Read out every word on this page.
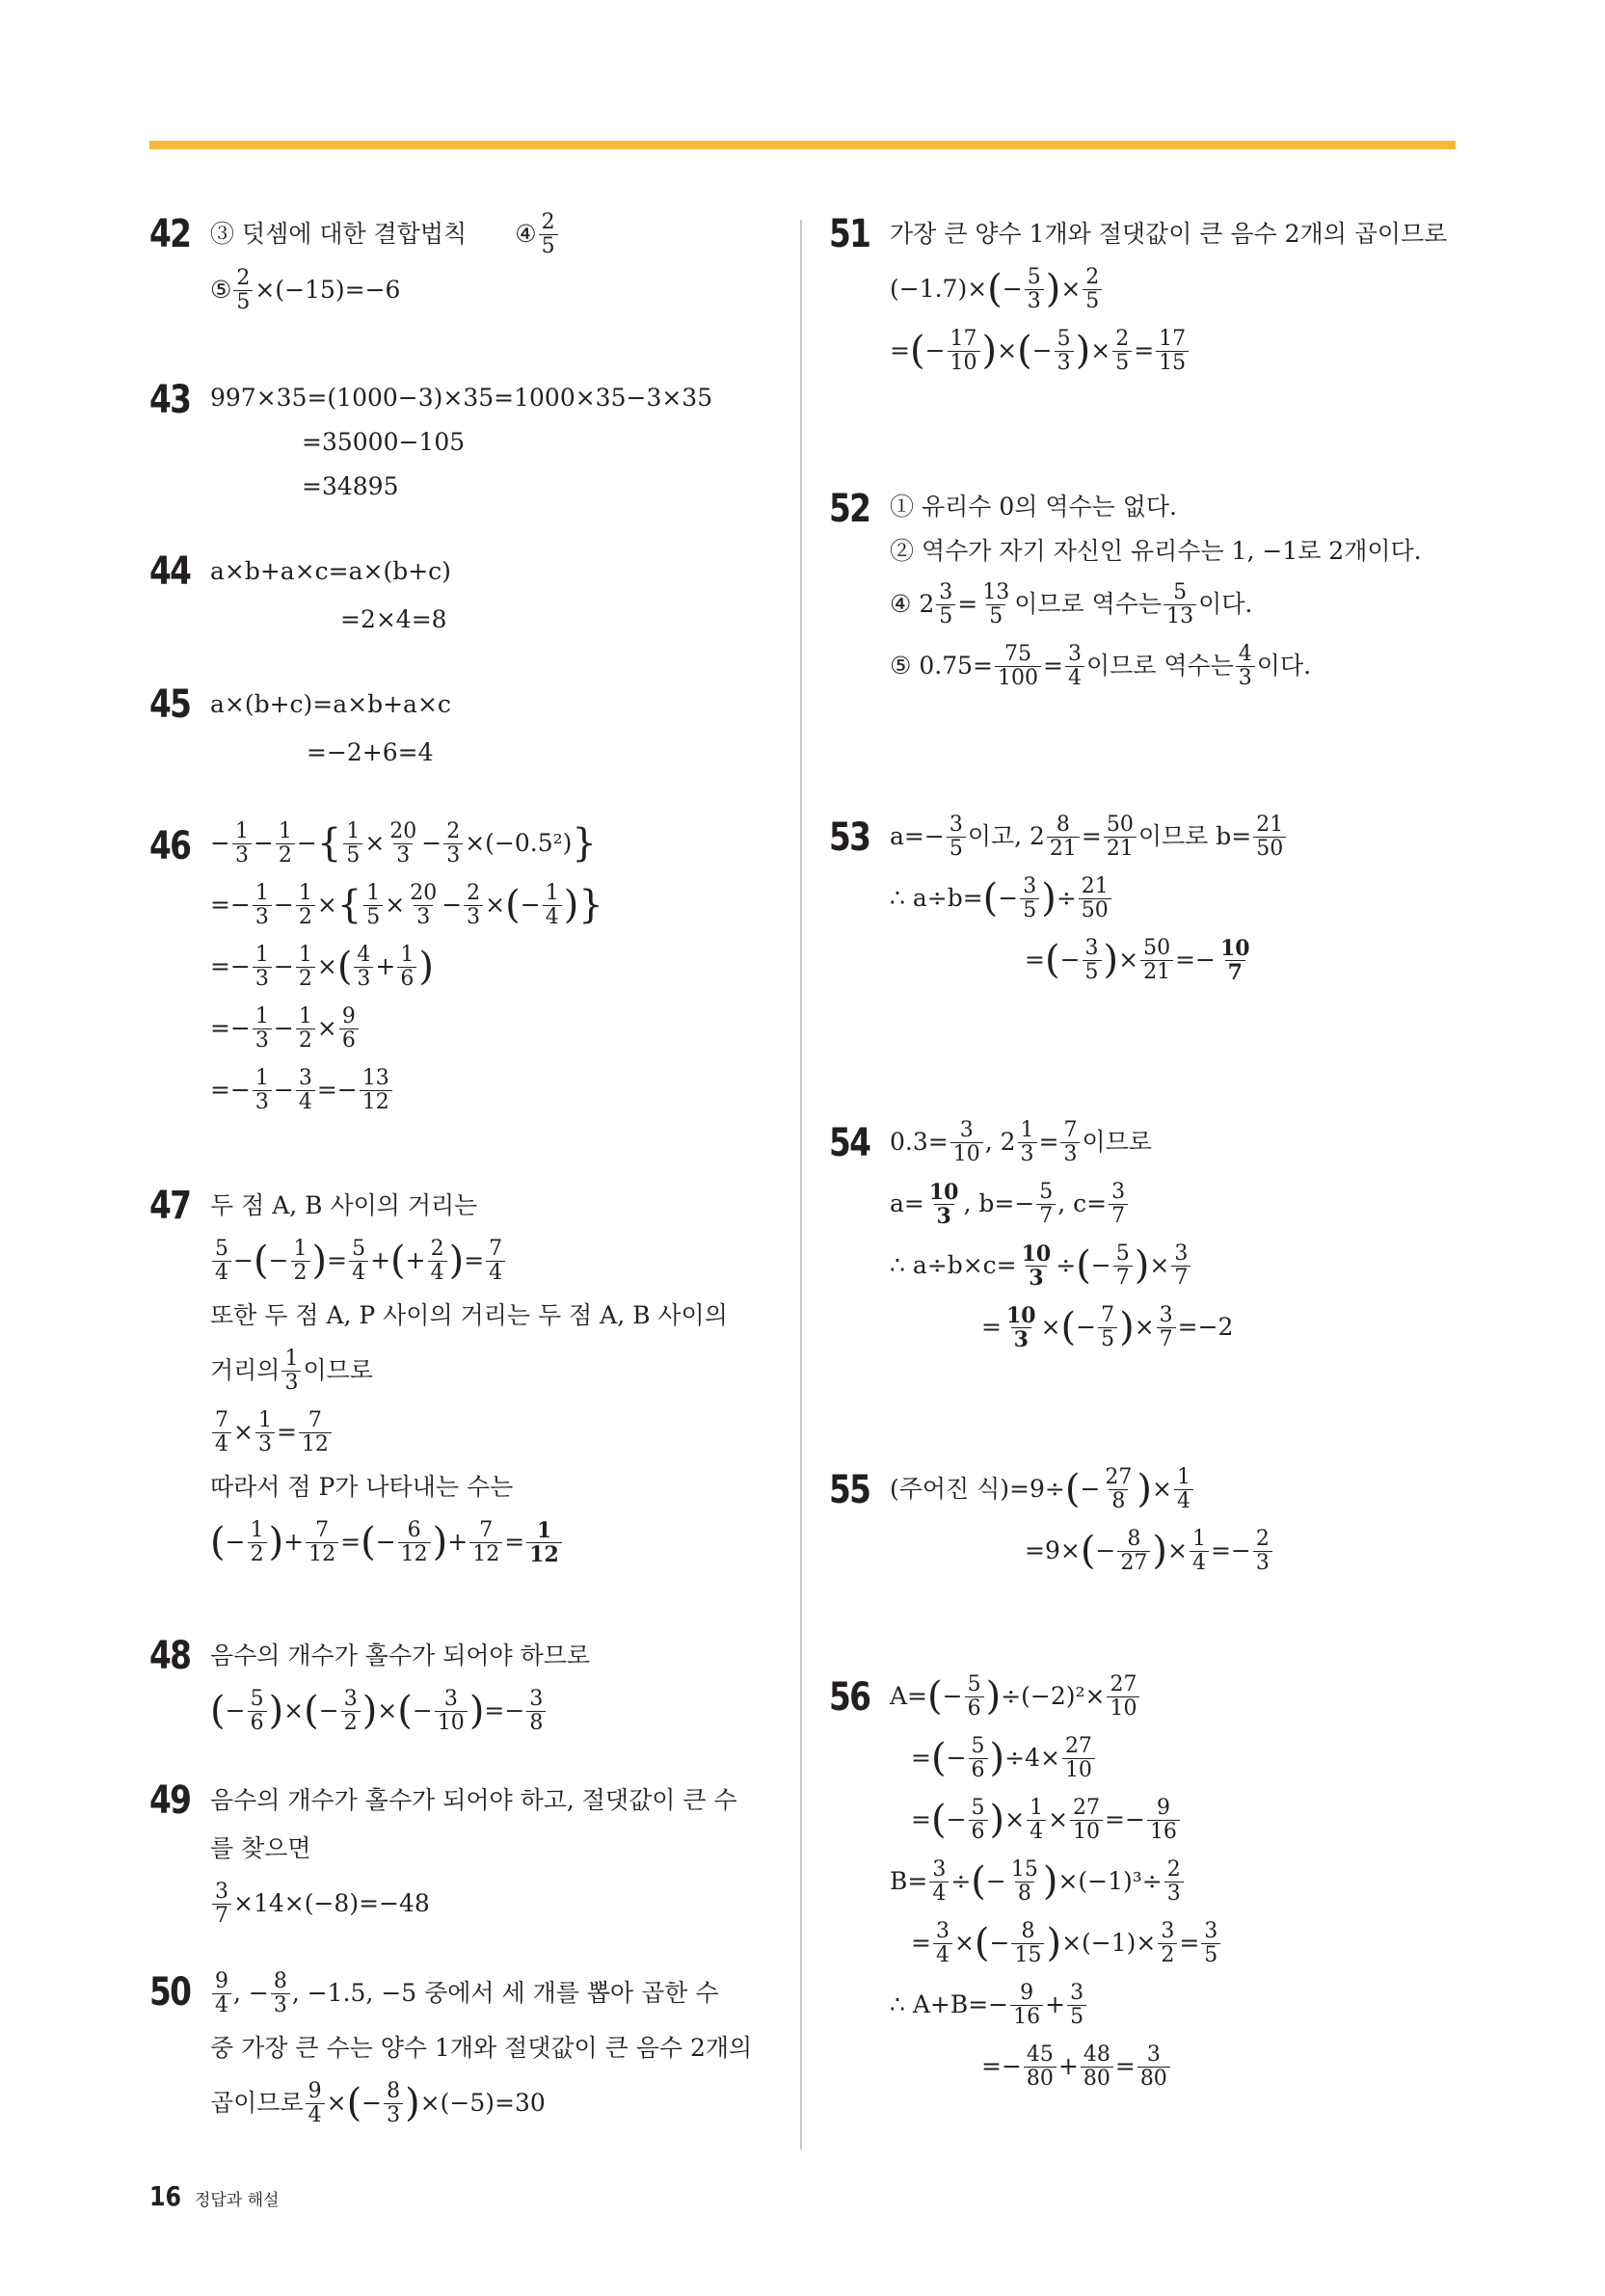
42 ③ 덧셈에 대한 결합법칙 ④ 2
5
⑤ $\frac{2}{5} \times(-15)=-6$
43 997×35=(1000−3)×35=1000×35−3×35
=35000−105
=34895
44 a×b+a×c=a×(b+c)
=2×4=8
45 a×(b+c)=a×b+a×c
=−2+6=4
$46 - \frac{1}{3} - \frac{1}{2}$ − { $\frac{1}{5} \times \frac{20}{3} - \frac{2}{3}$ ×( −0.5² ) }
=− $\frac{1}{3} - \frac{1}{2}$ × { $\frac{1}{5} \times \frac{20}{3} - \frac{2}{3}$ × ( − $\frac{1}{4}$ ) }
=− $\frac{1}{3} - \frac{1}{2}$ × ( 4
$3 + \frac{1}{6}$ )
=− $\frac{1}{3} - \frac{1}{2} \times \frac{9}{6}$
=− $\frac{1}{3} - \frac{3}{4} =- \frac{13}{12}$
47 두 점 A, B 사이의 거리는
5
4 − ( − $\frac{1}{2}$ ) = $\frac{5}{4}$ + ( + $\frac{2}{4}$ ) = $\frac{7}{4}$
또한 두 점 A, P 사이의 거리는 두 점 A, B 사이의
거리의 1
3 이므로
$\frac{7}{4} \times \frac{1}{3} = \frac{7}{12}$
따라서 점 P가 나타내는 수는
( − $\frac{1}{2}$ ) + $\frac{7}{12}$ = ( − $\frac{6}{12}$ ) + $\frac{7}{12} = \frac{1}{12}$
48 음수의 개수가 홀수가 되어야 하므로
( − $\frac{5}{6}$ ) × ( − $\frac{3}{2}$ ) × ( − $\frac{3}{10}$ ) =− $\frac{3}{8}$
49 음수의 개수가 홀수가 되어야 하고, 절댓값이 큰 수
를 찾으면
$\frac{3}{7} \times 14\times(-8)=-48$
50 9
4 , − $\frac{8}{3}$ , −1.5, −5 중에서 세 개를 뽑아 곱한 수
중 가장 큰 수는 양수 1개와 절댓값이 큰 음수 2개의
곱이므로 $\frac{9}{4}$ × ( − $\frac{8}{3}$ ) ×(−5)=30
51 가장 큰 양수 1개와 절댓값이 큰 음수 2개의 곱이므로
(−1.7)× ( − $\frac{5}{3}$ ) × $\frac{2}{5}$
= ( − $\frac{17}{10}$ ) × ( − $\frac{5}{3}$ ) × $\frac{2}{5} = \frac{17}{15}$
52 ① 유리수 0의 역수는 없다.
② 역수가 자기 자신인 유리수는 1, −1로 2개이다.
④ $2 \frac{3}{5} = \frac{13}{5}$ 이므로 역수는 5
13 이다.
⑤ $0.75= \frac{75}{100} = \frac{3}{4}$ 이므로 역수는 4
3 이다.
53 $a=- \frac{3}{5}$ 이고, $2 \frac{8}{21} = \frac{50}{21}$ 이므로 $b= \frac{21}{50}$
∴ a÷b= ( − $\frac{3}{5}$ ) ÷ $\frac{21}{50}$
= ( − $\frac{3}{5}$ ) × $\frac{50}{21} =- \frac{10}{7}$
54 $0.3= \frac{3}{10}$ , $2 \frac{1}{3} = \frac{7}{3}$ 이므로
$a= \frac{10}{3}$ , $b=- \frac{5}{7}$ , $c= \frac{3}{7}$
∴ $a\div b\times c= \frac{10}{3}$ ÷ ( − $\frac{5}{7}$ ) × $\frac{3}{7}$
= $\frac{10}{3}$ × ( − $\frac{7}{5}$ ) × $\frac{3}{7} =-2$
55 (주어진 식)=9÷ ( − $\frac{27}{8}$ ) × $\frac{1}{4}$
=9× ( − $\frac{8}{27}$ ) × $\frac{1}{4} =- \frac{2}{3}$
56 A= ( − $\frac{5}{6}$ ) $\div(-2)^2\times \frac{27}{10}$
= ( − $\frac{5}{6}$ ) $\div 4\times \frac{27}{10}$
= ( − $\frac{5}{6}$ ) × $\frac{1}{4} \times \frac{27}{10} =- \frac{9}{16}$
$B= \frac{3}{4}$ ÷ ( − $\frac{15}{8}$ ) $\times(-1)^3\div \frac{2}{3}$
= $\frac{3}{4}$ × ( − $\frac{8}{15}$ ) $\times(-1)\times \frac{3}{2} = \frac{3}{5}$
∴ $A+B=- \frac{9}{16} + \frac{3}{5}$
=− $\frac{45}{80} + \frac{48}{80} = \frac{3}{80}$
16 정답과 해설
